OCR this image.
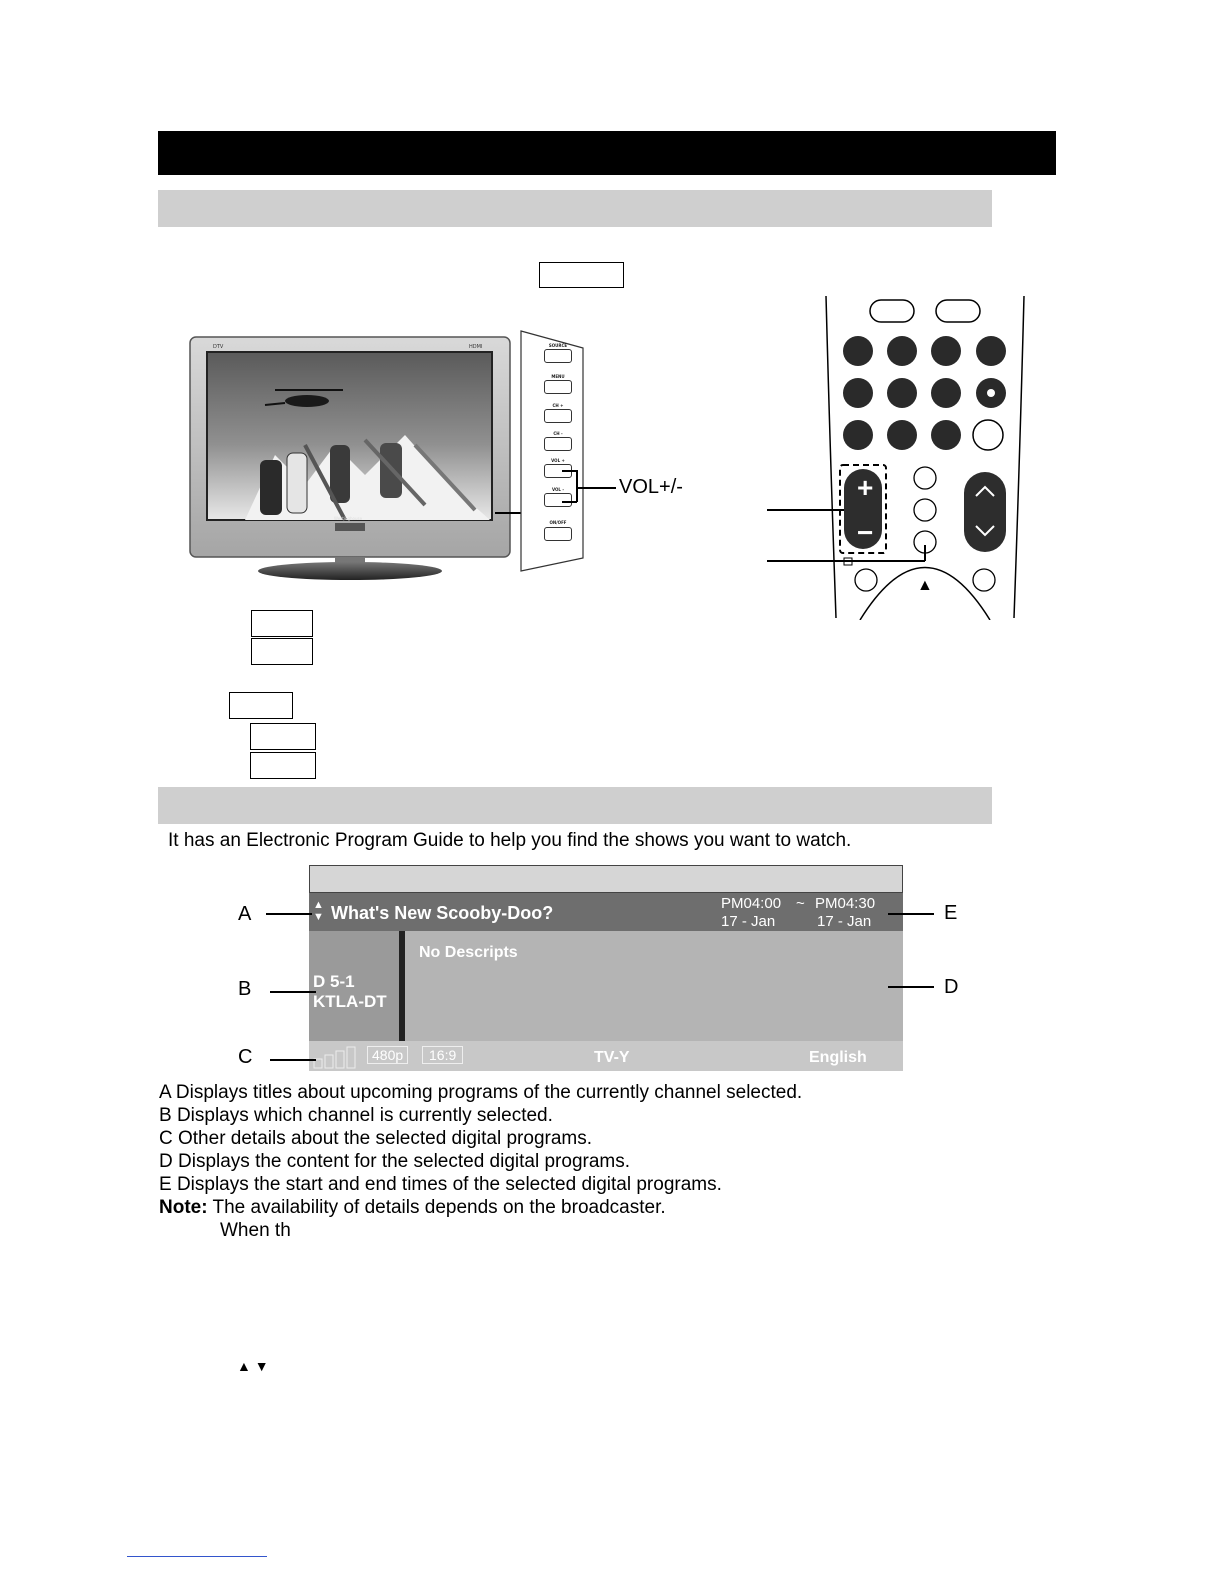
DTV	HDMI
Westinghouse
SOURCE
MENU
CH +
CH -
VOL +
VOL -
ON/OFF
VOL+/-	+
−
▲
It has an Electronic Program Guide to help you find the shows you want to watch.
▲
▼ What's New Scooby-Doo?	PM04:00 ~ PM04:30
17 - Jan	17 - Jan
D 5-1
KTLA-DT
No Descripts
480p	16:9	TV-Y	English
A
B
C
D
E
A Displays titles about upcoming programs of the currently channel selected.
B Displays which channel is currently selected.
C Other details about the selected digital programs.
D Displays the content for the selected digital programs.
E Displays the start and end times of the selected digital programs.
Note: The availability of details depends on the broadcaster.
When th
▲ ▼
